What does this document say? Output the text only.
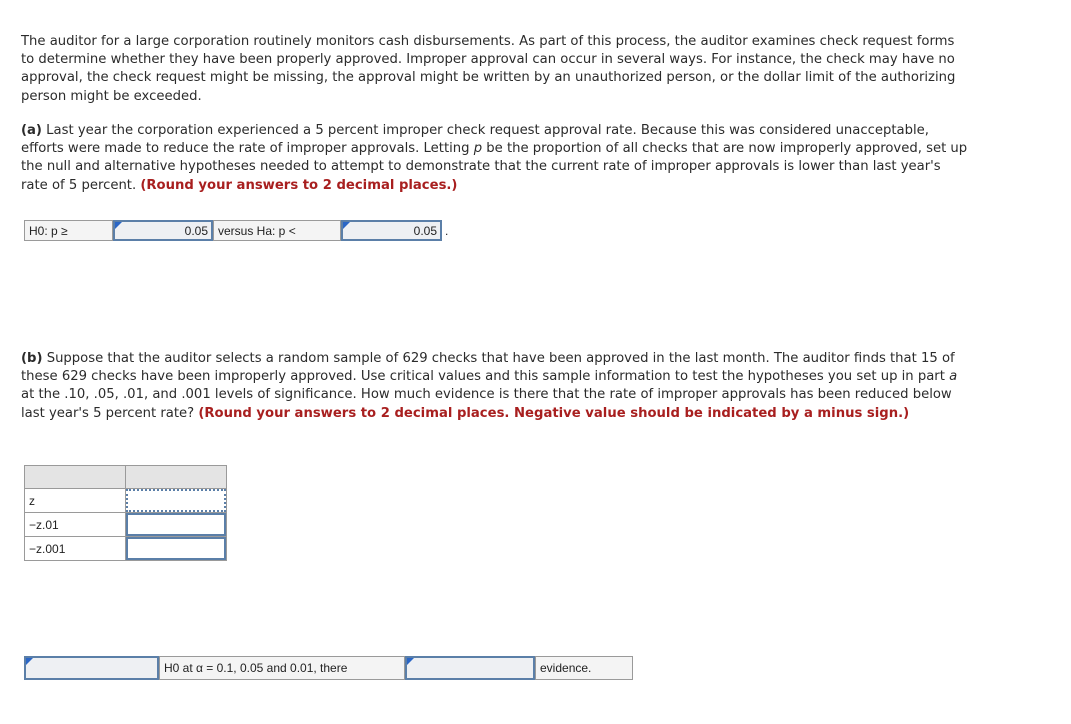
The auditor for a large corporation routinely monitors cash disbursements. As part of this process, the auditor examines check request forms to determine whether they have been properly approved. Improper approval can occur in several ways. For instance, the check may have no approval, the check request might be missing, the approval might be written by an unauthorized person, or the dollar limit of the authorizing person might be exceeded.

(a) Last year the corporation experienced a 5 percent improper check request approval rate. Because this was considered unacceptable, efforts were made to reduce the rate of improper approvals. Letting p be the proportion of all checks that are now improperly approved, set up the null and alternative hypotheses needed to attempt to demonstrate that the current rate of improper approvals is lower than last year's rate of 5 percent. (Round your answers to 2 decimal places.)

H0: p ≥	0.05 versus Ha: p <	0.05 .

(b) Suppose that the auditor selects a random sample of 629 checks that have been approved in the last month. The auditor finds that 15 of these 629 checks have been improperly approved. Use critical values and this sample information to test the hypotheses you set up in part a at the .10, .05, .01, and .001 levels of significance. How much evidence is there that the rate of improper approvals has been reduced below last year's 5 percent rate? (Round your answers to 2 decimal places. Negative value should be indicated by a minus sign.)

z	

−z.01	

−z.001	
H0 at α = 0.1, 0.05 and 0.01, there	evidence.
